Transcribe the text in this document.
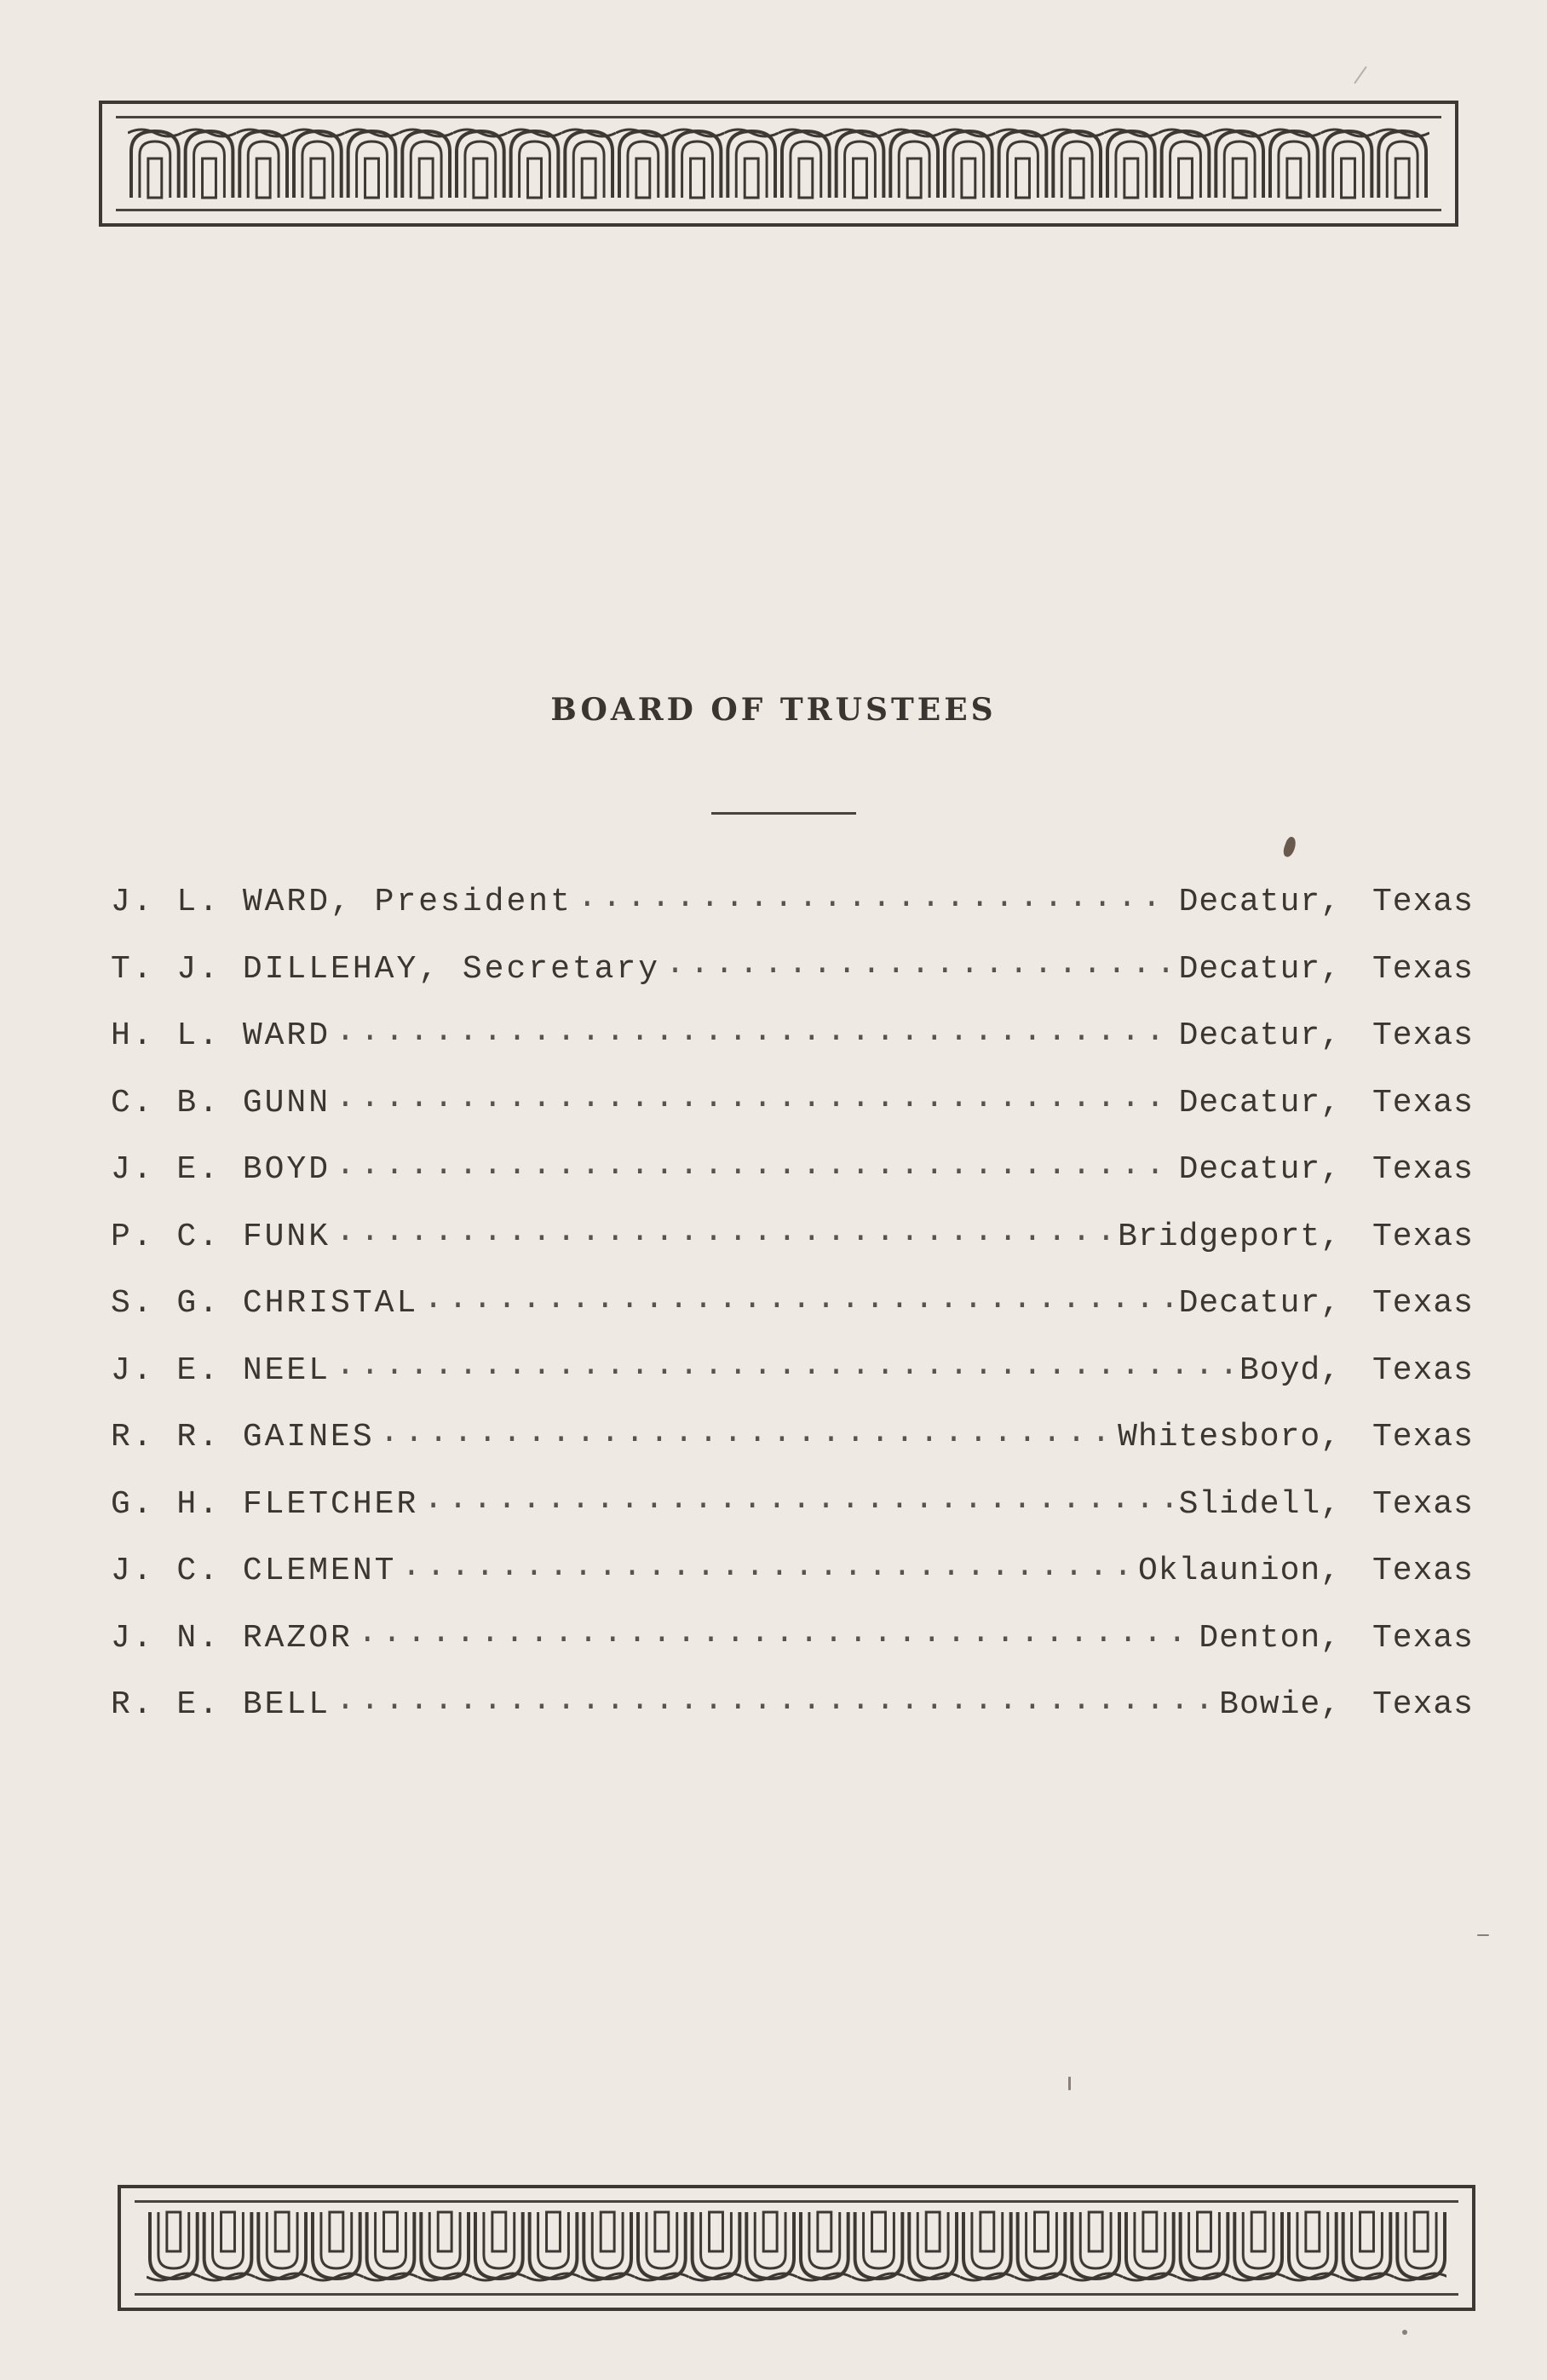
BOARD OF TRUSTEES
J. L. WARD, President .....	Decatur, Texas
T. J. DILLEHAY, Secretary .....	Decatur, Texas
H. L. WARD .....	Decatur, Texas
C. B. GUNN .....	Decatur, Texas
J. E. BOYD .....	Decatur, Texas
P. C. FUNK .....	Bridgeport, Texas
S. G. CHRISTAL .....	Decatur, Texas
J. E. NEEL .....	Boyd, Texas
R. R. GAINES .....	Whitesboro, Texas
G. H. FLETCHER .....	Slidell, Texas
J. C. CLEMENT .....	Oklaunion, Texas
J. N. RAZOR .....	Denton, Texas
R. E. BELL .....	Bowie, Texas
